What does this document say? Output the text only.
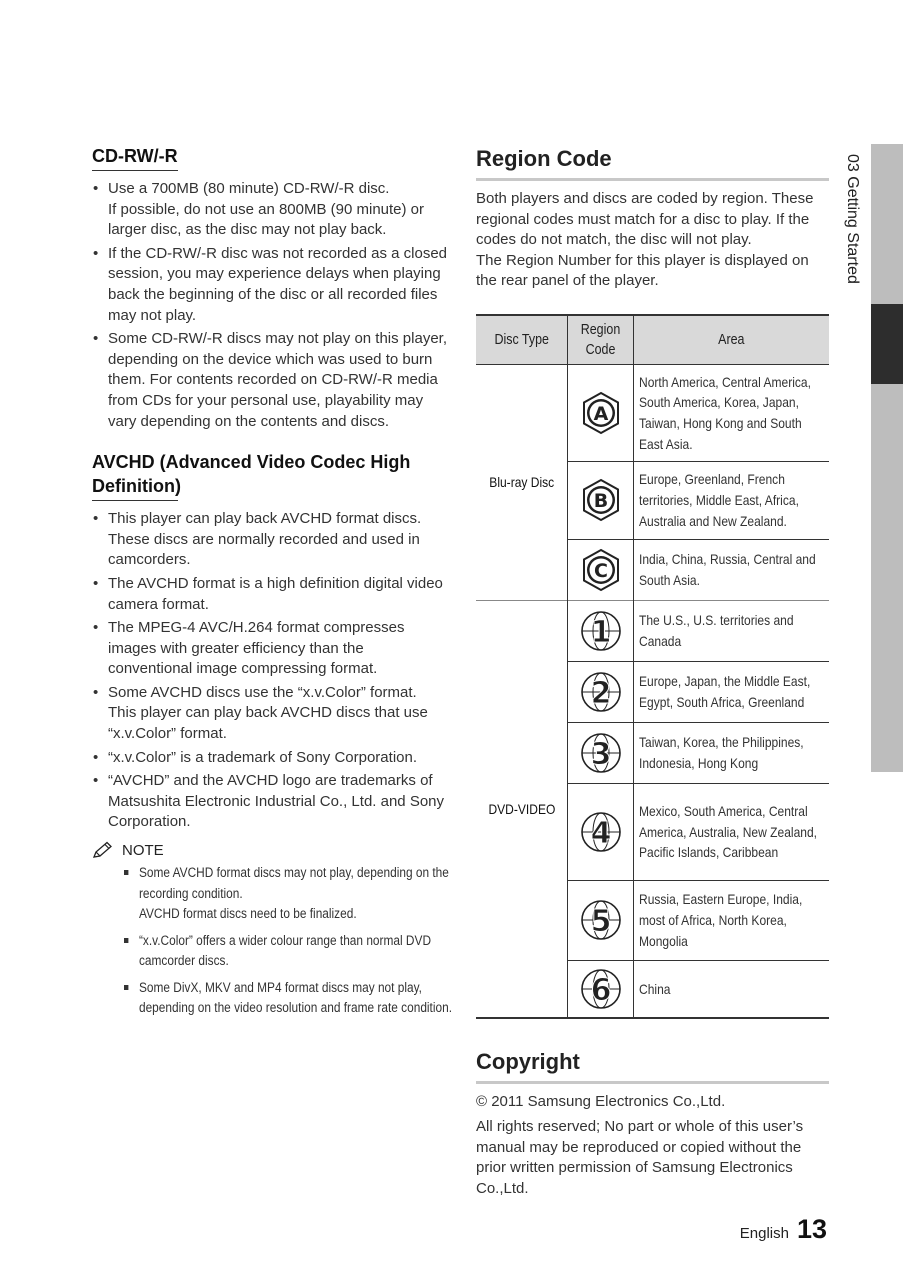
03 Getting Started
CD-RW/-R
• Use a 700MB (80 minute) CD-RW/-R disc.
If possible, do not use an 800MB (90 minute) or larger disc, as the disc may not play back.
• If the CD-RW/-R disc was not recorded as a closed session, you may experience delays when playing back the beginning of the disc or all recorded files may not play.
• Some CD-RW/-R discs may not play on this player, depending on the device which was used to burn them. For contents recorded on CD-RW/-R media from CDs for your personal use, playability may vary depending on the contents and discs.
AVCHD (Advanced Video Codec High Definition)
• This player can play back AVCHD format discs. These discs are normally recorded and used in camcorders.
• The AVCHD format is a high definition digital video camera format.
• The MPEG-4 AVC/H.264 format compresses images with greater efficiency than the conventional image compressing format.
• Some AVCHD discs use the “x.v.Color” format. This player can play back AVCHD discs that use “x.v.Color” format.
• “x.v.Color” is a trademark of Sony Corporation.
• “AVCHD” and the AVCHD logo are trademarks of Matsushita Electronic Industrial Co., Ltd. and Sony Corporation.
NOTE
Some AVCHD format discs may not play, depending on the recording condition.
AVCHD format discs need to be finalized.
“x.v.Color” offers a wider colour range than normal DVD camcorder discs.
Some DivX, MKV and MP4 format discs may not play, depending on the video resolution and frame rate condition.
Region Code

Both players and discs are coded by region. These regional codes must match for a disc to play. If the codes do not match, the disc will not play.

The Region Number for this player is displayed on the rear panel of the player.

Disc Type	Region Code	Area
Blu-ray Disc	A	North America, Central America, South America, Korea, Japan, Taiwan, Hong Kong and South East Asia.

B	Europe, Greenland, French territories, Middle East, Africa, Australia and New Zealand.

C	India, China, Russia, Central and South Asia.
DVD-VIDEO	1	The U.S., U.S. territories and Canada

2	Europe, Japan, the Middle East, Egypt, South Africa, Greenland

3	Taiwan, Korea, the Philippines, Indonesia, Hong Kong

4	Mexico, South America, Central America, Australia, New Zealand, Pacific Islands, Caribbean

5	Russia, Eastern Europe, India, most of Africa, North Korea, Mongolia

6	China
Copyright

© 2011 Samsung Electronics Co.,Ltd.

All rights reserved; No part or whole of this user’s manual may be reproduced or copied without the prior written permission of Samsung Electronics Co.,Ltd.

English 13
